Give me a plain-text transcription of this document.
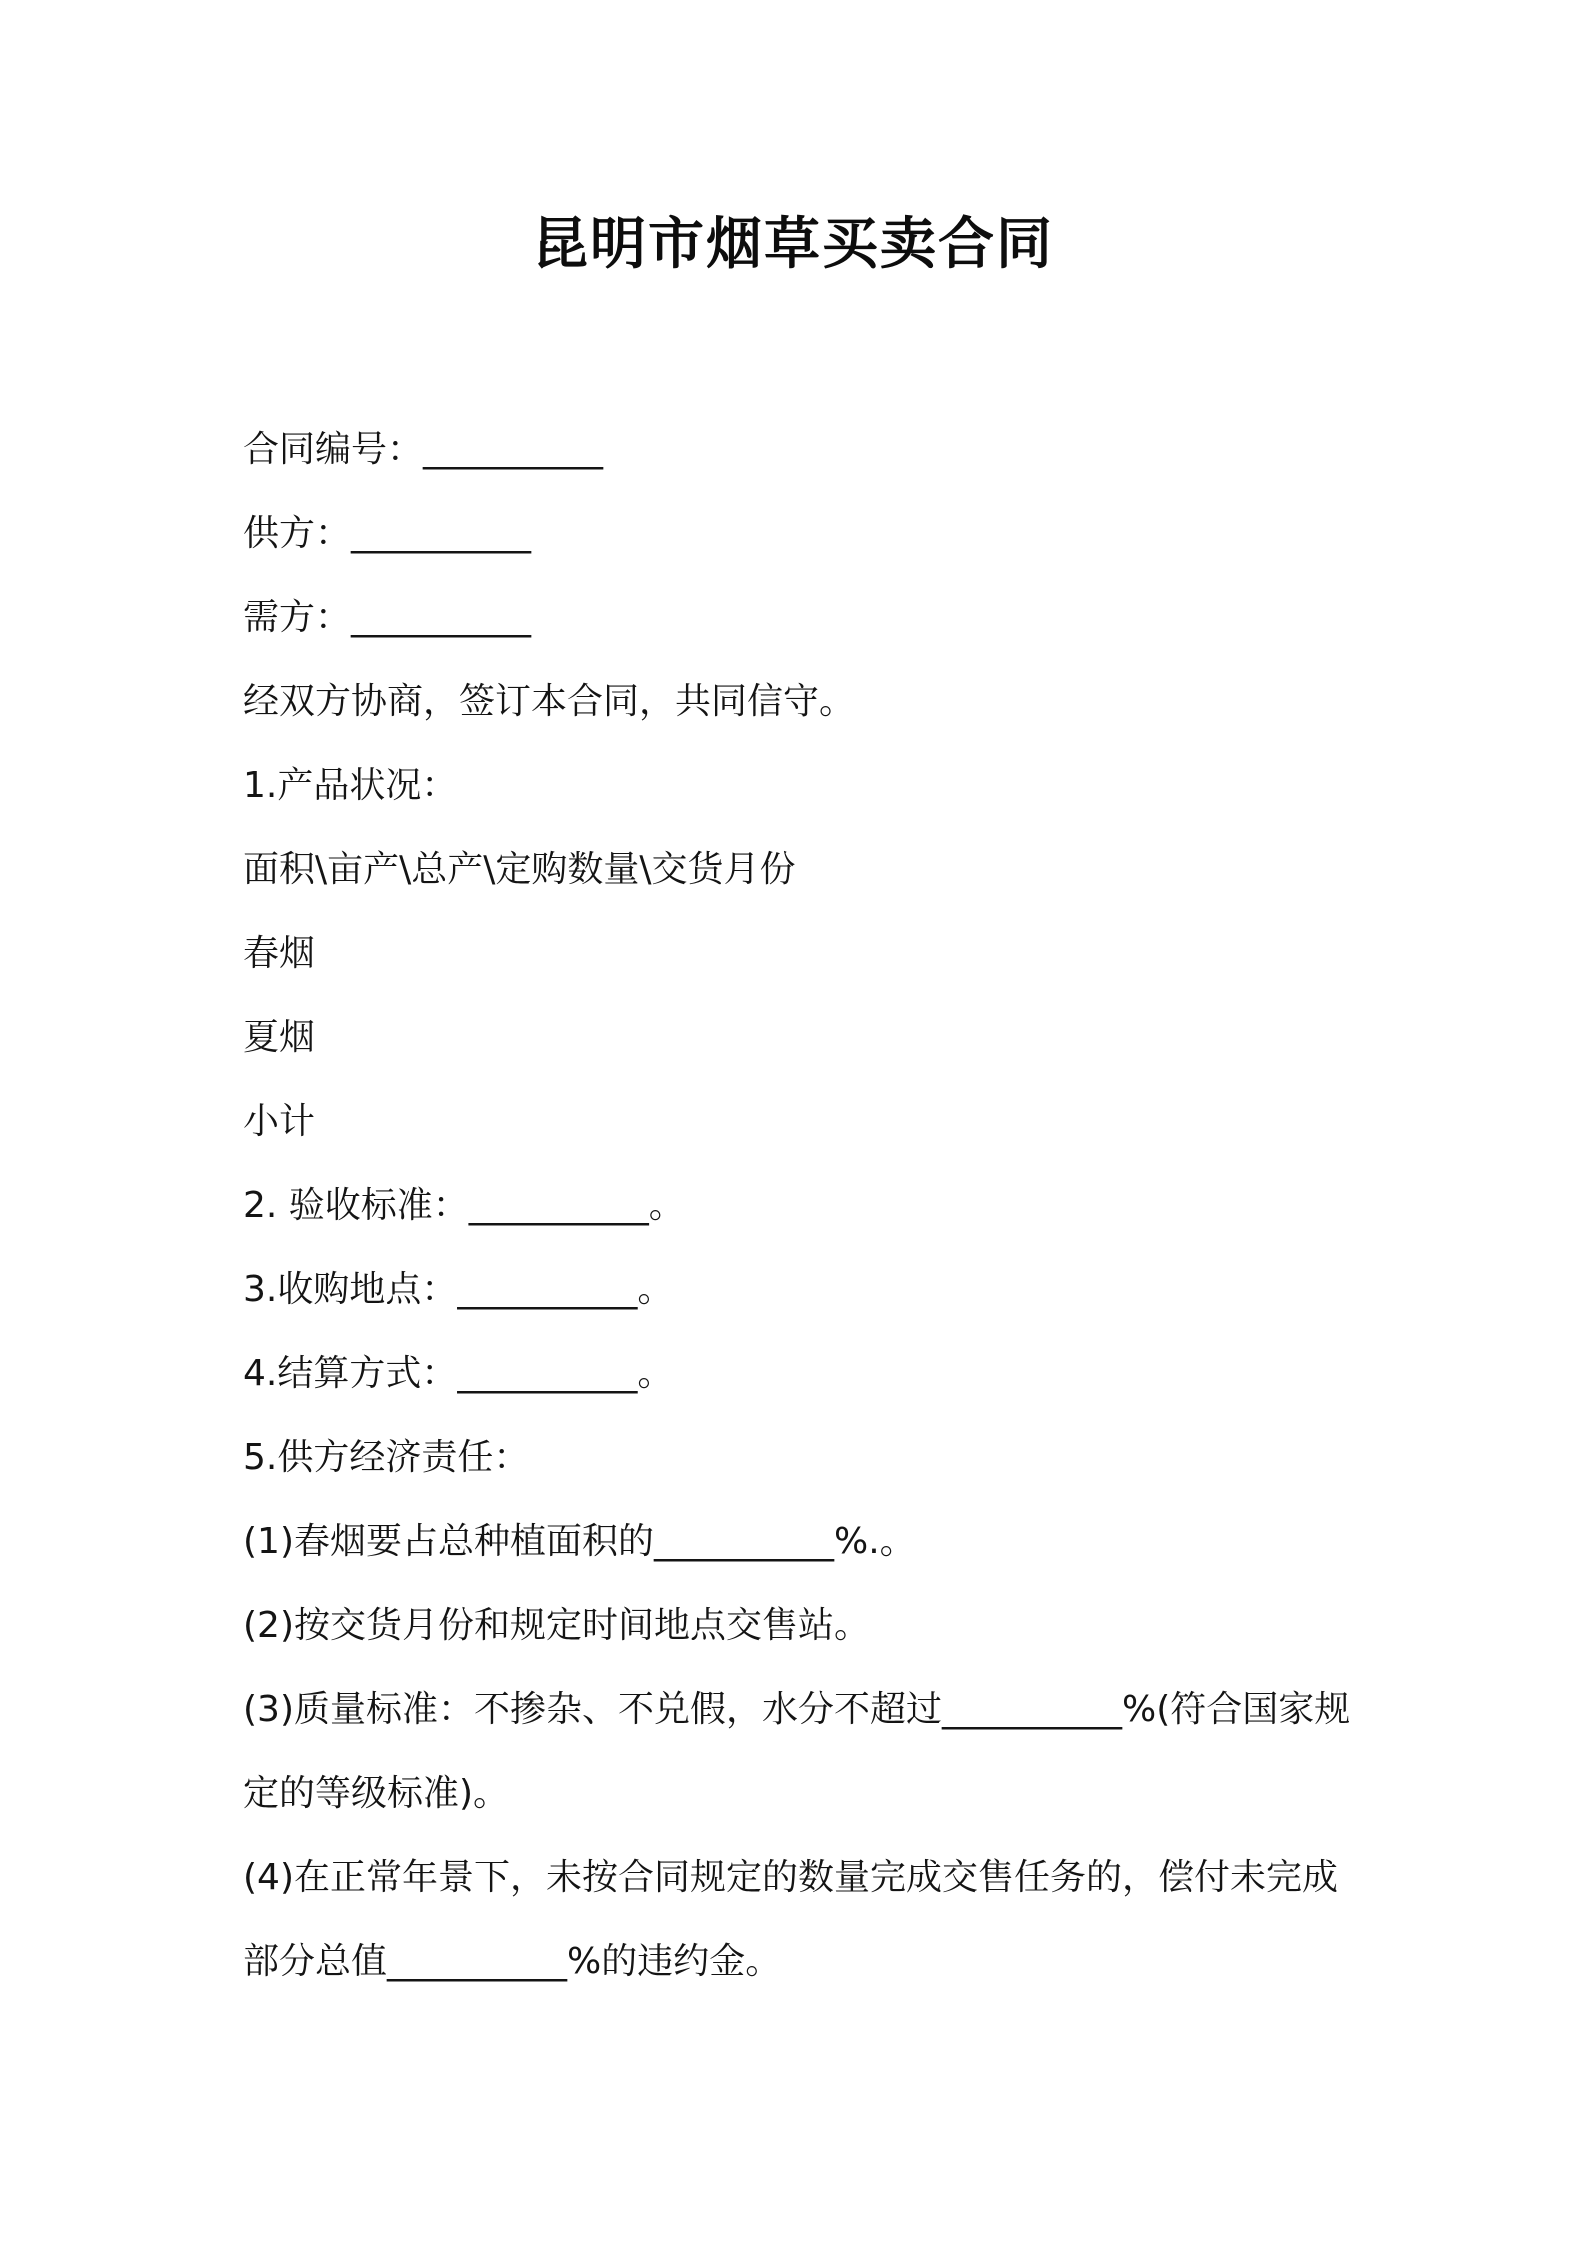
昆明市烟草买卖合同
合同编号：__________
供方：__________
需方：__________
经双方协商，签订本合同，共同信守。
1.产品状况：
面积\亩产\总产\定购数量\交货月份
春烟
夏烟
小计
2. 验收标准：__________。
3.收购地点：__________。
4.结算方式：__________。
5.供方经济责任：
(1)春烟要占总种植面积的__________%.。
(2)按交货月份和规定时间地点交售站。
(3)质量标准：不掺杂、不兑假，水分不超过__________%(符合国家规定的等级标准)。
(4)在正常年景下，未按合同规定的数量完成交售任务的，偿付未完成部分总值__________%的违约金。
